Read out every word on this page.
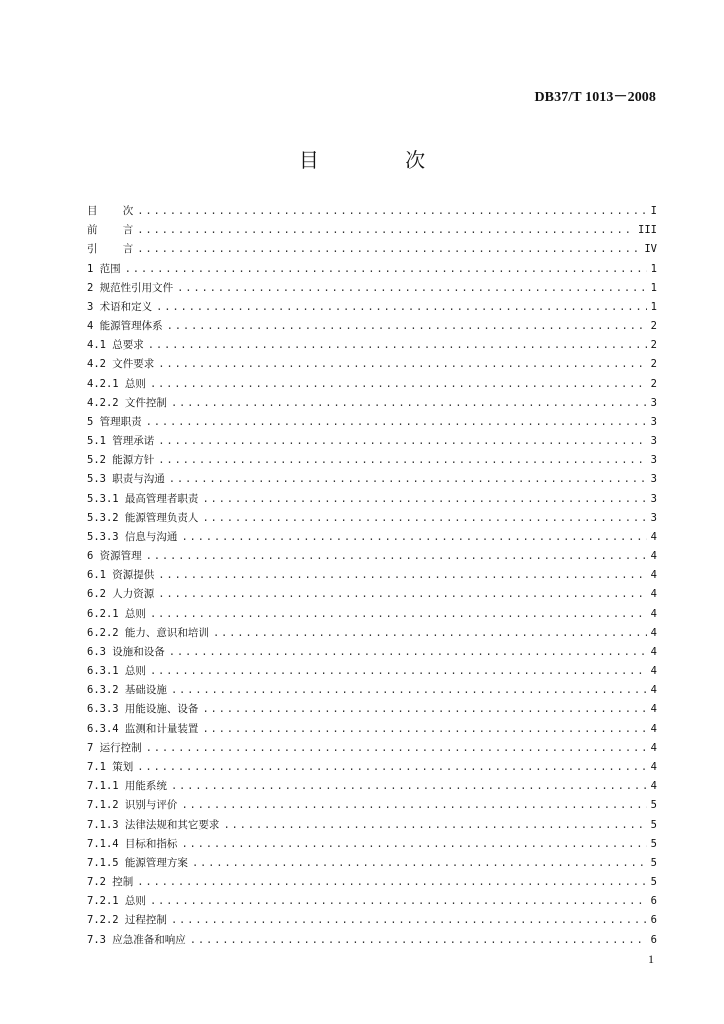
DB37/T 1013－2008
目 次
目    次 .....	I
前    言 .....	III
引    言 .....	IV
1 范围 .....	1
2 规范性引用文件 .....	1
3 术语和定义 .....	1
4 能源管理体系 .....	2
4.1 总要求 .....	2
4.2 文件要求 .....	2
4.2.1 总则 .....	2
4.2.2 文件控制 .....	3
5 管理职责 .....	3
5.1 管理承诺 .....	3
5.2 能源方针 .....	3
5.3 职责与沟通 .....	3
5.3.1 最高管理者职责 .....	3
5.3.2 能源管理负责人 .....	3
5.3.3 信息与沟通 .....	4
6 资源管理 .....	4
6.1 资源提供 .....	4
6.2 人力资源 .....	4
6.2.1 总则 .....	4
6.2.2 能力、意识和培训 .....	4
6.3 设施和设备 .....	4
6.3.1 总则 .....	4
6.3.2 基础设施 .....	4
6.3.3 用能设施、设备 .....	4
6.3.4 监测和计量装置 .....	4
7 运行控制 .....	4
7.1 策划 .....	4
7.1.1 用能系统 .....	4
7.1.2 识别与评价 .....	5
7.1.3 法律法规和其它要求 .....	5
7.1.4 目标和指标 .....	5
7.1.5 能源管理方案 .....	5
7.2 控制 .....	5
7.2.1 总则 .....	6
7.2.2 过程控制 .....	6
7.3 应急准备和响应 .....	6
1
